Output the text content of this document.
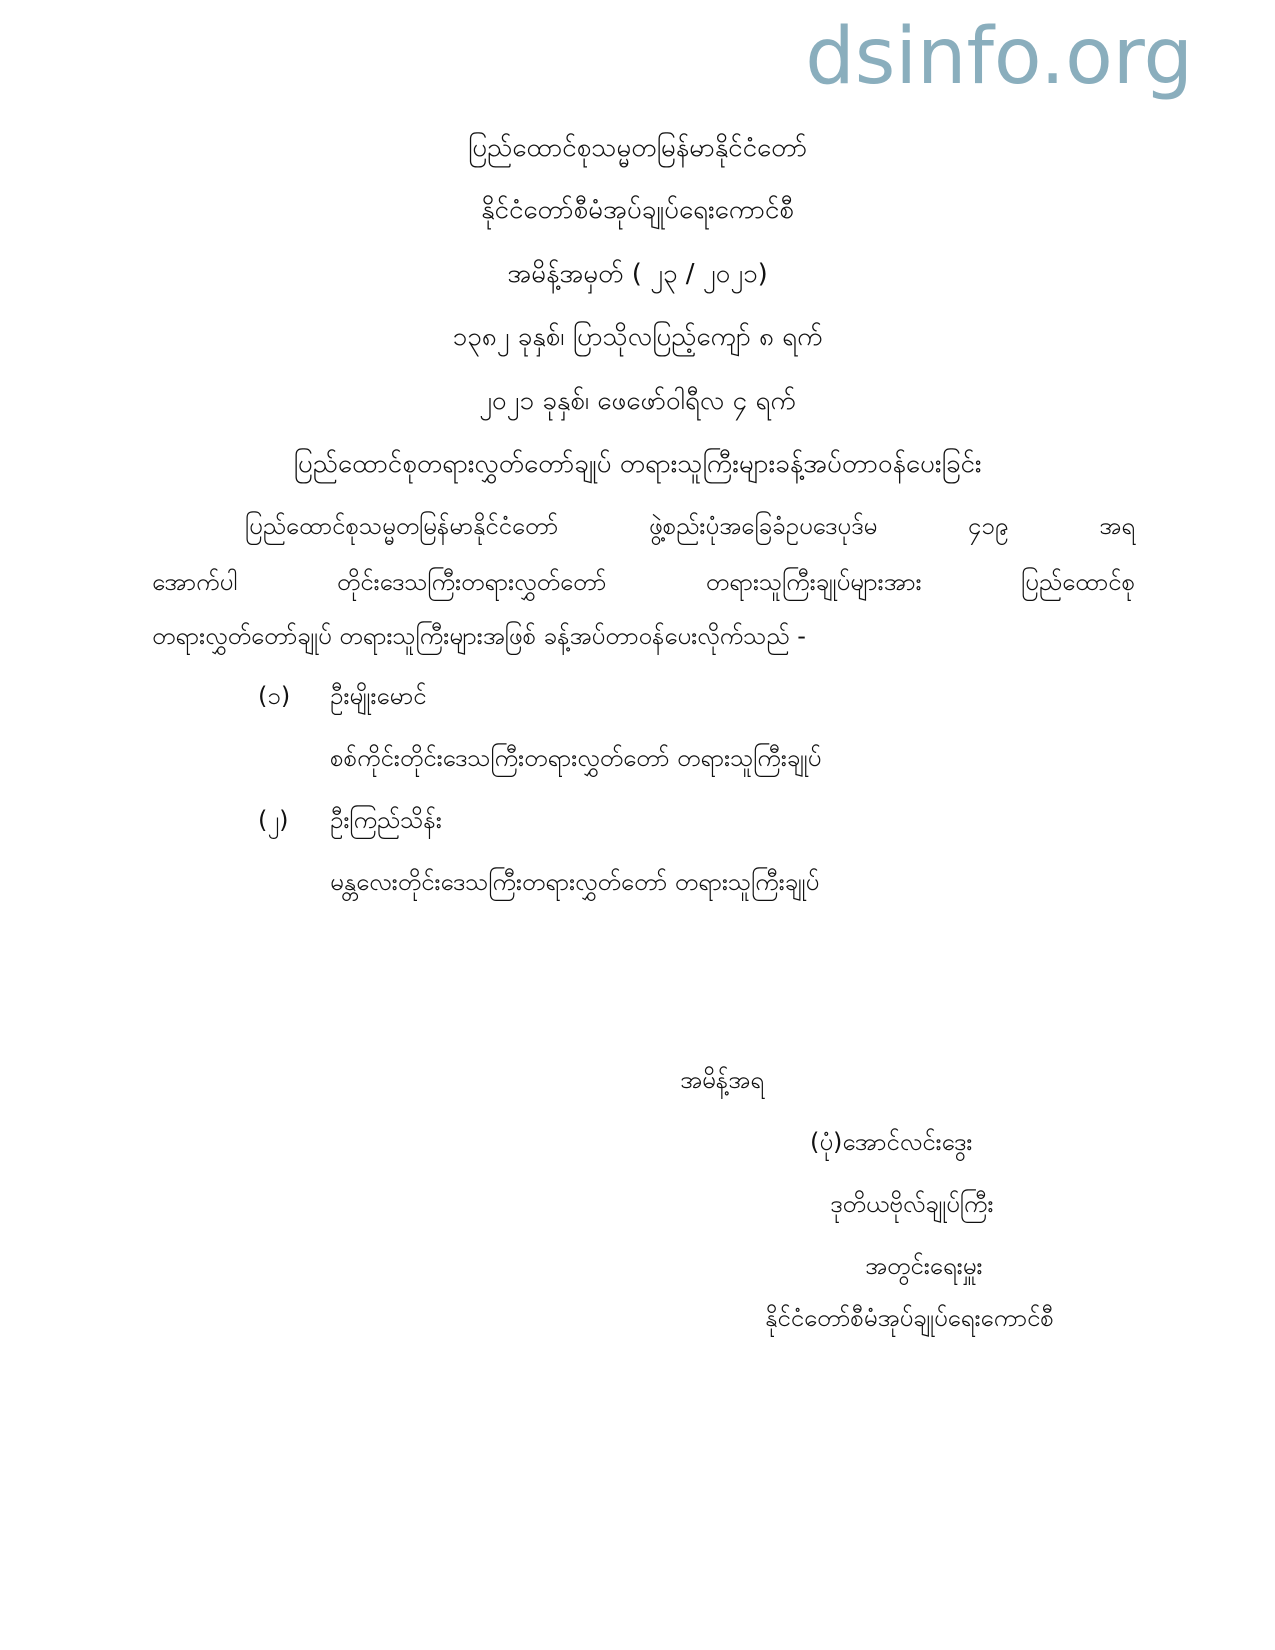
dsinfo.org
ပြည်ထောင်စုသမ္မတမြန်မာနိုင်ငံတော်
နိုင်ငံတော်စီမံအုပ်ချုပ်ရေးကောင်စီ
အမိန့်အမှတ် ( ၂၃ / ၂၀၂၁)
၁၃၈၂ ခုနှစ်၊ ပြာသိုလပြည့်ကျော် ၈ ရက်
၂၀၂၁ ခုနှစ်၊ ဖေဖော်ဝါရီလ ၄ ရက်
ပြည်ထောင်စုတရားလွှတ်တော်ချုပ် တရားသူကြီးများခန့်အပ်တာဝန်ပေးခြင်း
ပြည်ထောင်စုသမ္မတမြန်မာနိုင်ငံတော် ဖွဲ့စည်းပုံအခြေခံဥပဒေပုဒ်မ ၄၁၉ အရ
အောက်ပါ တိုင်းဒေသကြီးတရားလွှတ်တော် တရားသူကြီးချုပ်များအား ပြည်ထောင်စု
တရားလွှတ်တော်ချုပ် တရားသူကြီးများအဖြစ် ခန့်အပ်တာဝန်ပေးလိုက်သည် -
(၁) ဦးမျိုးမောင်
စစ်ကိုင်းတိုင်းဒေသကြီးတရားလွှတ်တော် တရားသူကြီးချုပ်
(၂) ဦးကြည်သိန်း
မန္တလေးတိုင်းဒေသကြီးတရားလွှတ်တော် တရားသူကြီးချုပ်
အမိန့်အရ
(ပုံ)အောင်လင်းဒွေး
ဒုတိယဗိုလ်ချုပ်ကြီး
အတွင်းရေးမှူး
နိုင်ငံတော်စီမံအုပ်ချုပ်ရေးကောင်စီ
